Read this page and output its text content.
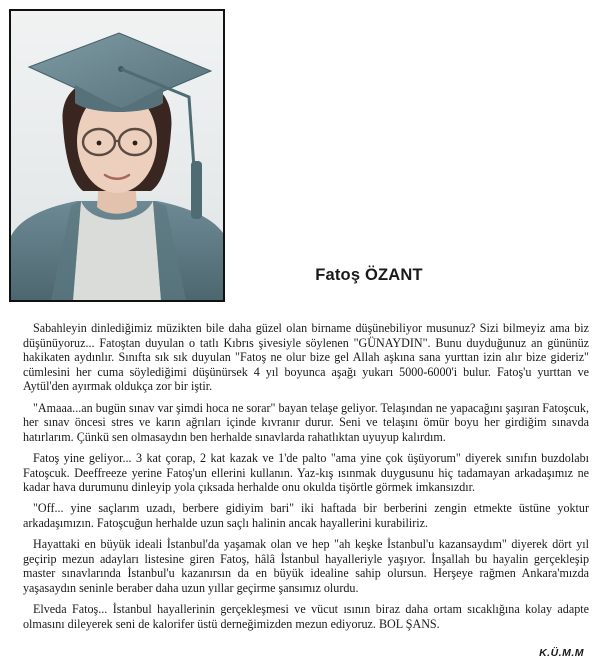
Fatoş ÖZANT

Sabahleyin dinlediğimiz müzikten bile daha güzel olan birname düşünebiliyor musunuz? Sizi bilmeyiz ama biz düşünüyoruz... Fatoştan duyulan o tatlı Kıbrıs şivesiyle söylenen "GÜNAYDIN". Bunu duyduğunuz an gününüz hakikaten aydınlır. Sınıfta sık sık duyulan "Fatoş ne olur bize gel Allah aşkına sana yurttan izin alır bize gideriz" cümlesini her cuma söylediğimi düşünürsek 4 yıl boyunca aşağı yukarı 5000-6000'i bulur. Fatoş'u yurttan ve Aytül'den ayırmak oldukça zor bir iştir.

"Amaaa...an bugün sınav var şimdi hoca ne sorar" bayan telaşe geliyor. Telaşından ne yapacağını şaşıran Fatoşcuk, her sınav öncesi stres ve karın ağrıları içinde kıvranır durur. Seni ve telaşını ömür boyu her girdiğim sınavda hatırlarım. Çünkü sen olmasaydın ben herhalde sınavlarda rahatlıktan uyuyup kalırdım.

Fatoş yine geliyor... 3 kat çorap, 2 kat kazak ve 1'de palto "ama yine çok üşüyorum" diyerek sınıfın buzdolabı Fatoşcuk. Deeffreeze yerine Fatoş'un ellerini kullanın. Yaz-kış ısınmak duygusunu hiç tadamayan arkadaşımız ne kadar hava durumunu dinleyip yola çıksada herhalde onu okulda tişörtle görmek imkansızdır.

"Off... yine saçlarım uzadı, berbere gidiyim bari" iki haftada bir berberini zengin etmekte üstüne yoktur arkadaşımızın. Fatoşcuğun herhalde uzun saçlı halinin ancak hayallerini kurabiliriz.

Hayattaki en büyük ideali İstanbul'da yaşamak olan ve hep "ah keşke İstanbul'u kazansaydım" diyerek dört yıl geçirip mezun adayları listesine giren Fatoş, hâlâ İstanbul hayalleriyle yaşıyor. İnşallah bu hayalin gerçekleşip master sınavlarında İstanbul'u kazanırsın da en büyük idealine sahip olursun. Herşeye rağmen Ankara'mızda yaşasaydın seninle beraber daha uzun yıllar geçirme şansımız olurdu.

Elveda Fatoş... İstanbul hayallerinin gerçekleşmesi ve vücut ısının biraz daha ortam sıcaklığına kolay adapte olmasını dileyerek seni de kalorifer üstü derneğimizden mezun ediyoruz. BOL ŞANS.

K.Ü.M.M
